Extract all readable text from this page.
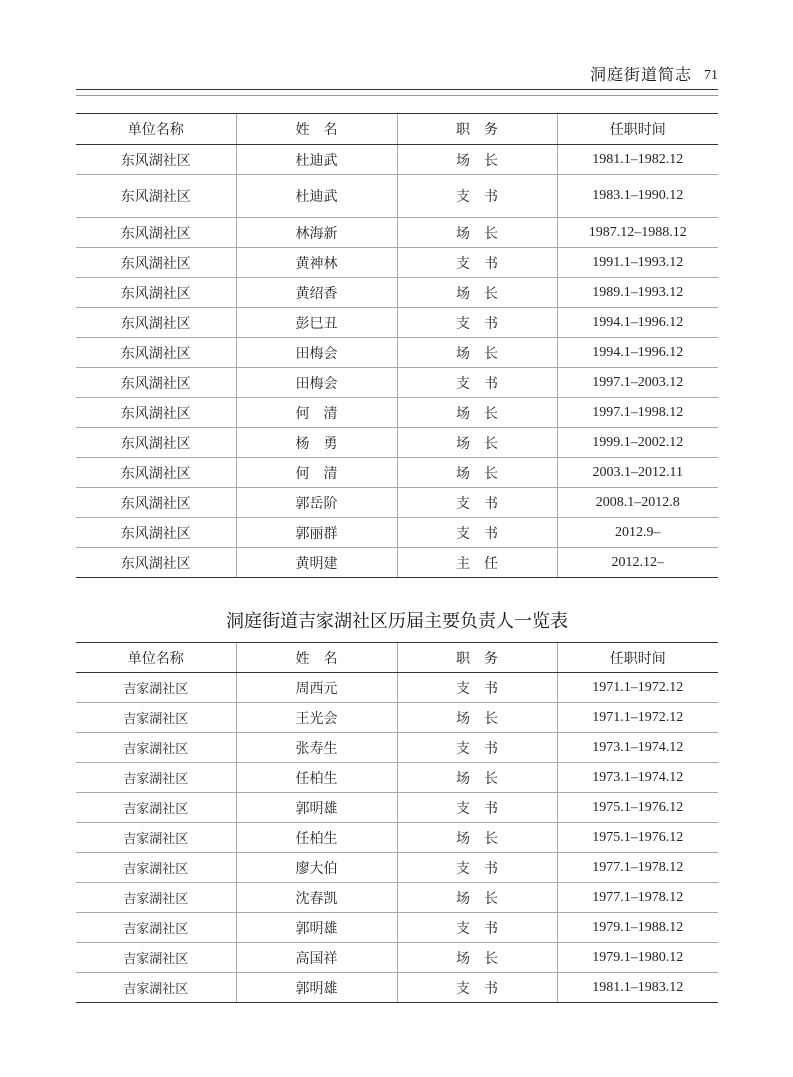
洞庭街道简志 71
单位名称	姓　名	职　务	任职时间
东风湖社区	杜迪武	场　长	1981.1–1982.12
东风湖社区	杜迪武	支　书	1983.1–1990.12
东风湖社区	林海新	场　长	1987.12–1988.12
东风湖社区	黄神林	支　书	1991.1–1993.12
东风湖社区	黄绍香	场　长	1989.1–1993.12
东风湖社区	彭巳丑	支　书	1994.1–1996.12
东风湖社区	田梅会	场　长	1994.1–1996.12
东风湖社区	田梅会	支　书	1997.1–2003.12
东风湖社区	何　清	场　长	1997.1–1998.12
东风湖社区	杨　勇	场　长	1999.1–2002.12
东风湖社区	何　清	场　长	2003.1–2012.11
东风湖社区	郭岳阶	支　书	2008.1–2012.8
东风湖社区	郭丽群	支　书	2012.9–
东风湖社区	黄明建	主　任	2012.12–
洞庭街道吉家湖社区历届主要负责人一览表
单位名称	姓　名	职　务	任职时间
吉家湖社区	周西元	支　书	1971.1–1972.12
吉家湖社区	王光会	场　长	1971.1–1972.12
吉家湖社区	张寿生	支　书	1973.1–1974.12
吉家湖社区	任柏生	场　长	1973.1–1974.12
吉家湖社区	郭明雄	支　书	1975.1–1976.12
吉家湖社区	任柏生	场　长	1975.1–1976.12
吉家湖社区	廖大伯	支　书	1977.1–1978.12
吉家湖社区	沈春凯	场　长	1977.1–1978.12
吉家湖社区	郭明雄	支　书	1979.1–1988.12
吉家湖社区	高国祥	场　长	1979.1–1980.12
吉家湖社区	郭明雄	支　书	1981.1–1983.12
